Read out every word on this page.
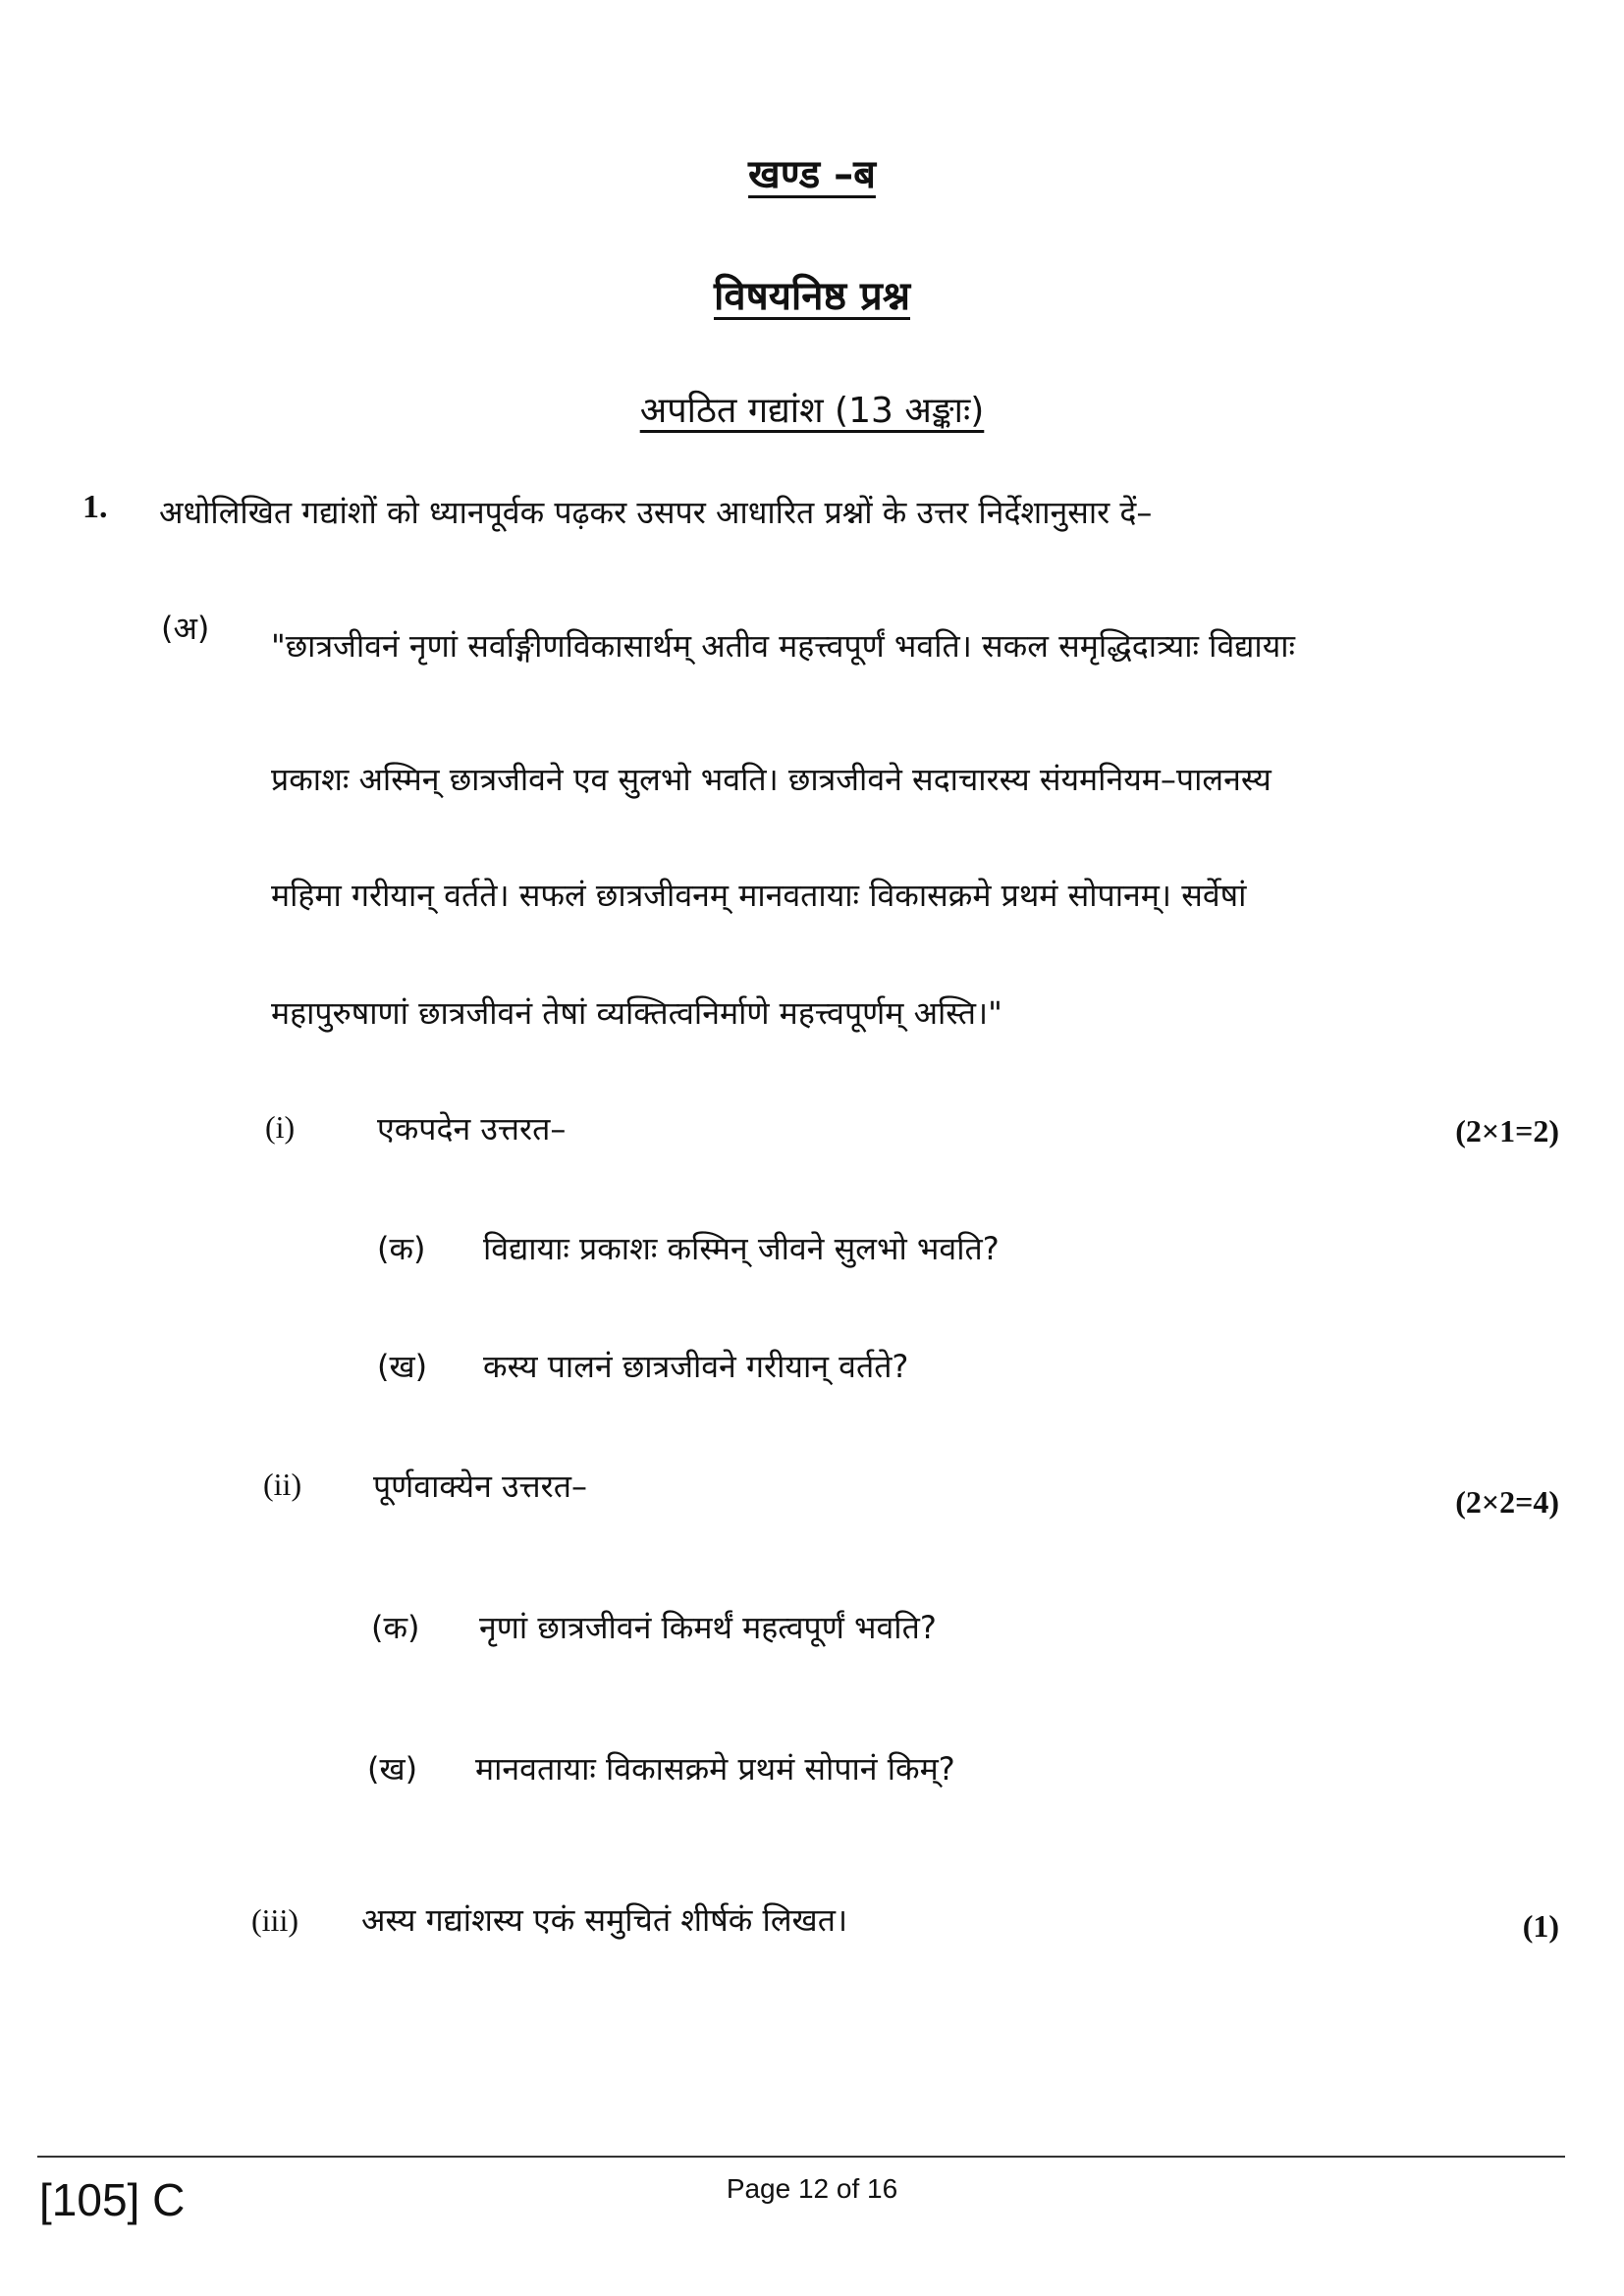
खण्ड –ब
विषयनिष्ठ प्रश्न
अपठित गद्यांश (13 अङ्काः)
1. अधोलिखित गद्यांशों को ध्यानपूर्वक पढ़कर उसपर आधारित प्रश्नों के उत्तर निर्देशानुसार दें–
(अ) "छात्रजीवनं नृणां सर्वाङ्गीणविकासार्थम् अतीव महत्त्वपूर्णं भवति। सकल समृद्धिदात्र्याः विद्यायाः
प्रकाशः अस्मिन् छात्रजीवने एव सुलभो भवति। छात्रजीवने सदाचारस्य संयमनियम–पालनस्य
महिमा गरीयान् वर्तते। सफलं छात्रजीवनम् मानवतायाः विकासक्रमे प्रथमं सोपानम्। सर्वेषां
महापुरुषाणां छात्रजीवनं तेषां व्यक्तित्वनिर्माणे महत्त्वपूर्णम् अस्ति।"
(i)	एकपदेन उत्तरत–	(2×1=2)
(क) विद्यायाः प्रकाशः कस्मिन् जीवने सुलभो भवति?
(ख) कस्य पालनं छात्रजीवने गरीयान् वर्तते?
(ii) पूर्णवाक्येन उत्तरत–	(2×2=4)
(क) नृणां छात्रजीवनं किमर्थं महत्वपूर्णं भवति?
(ख) मानवतायाः विकासक्रमे प्रथमं सोपानं किम्?
(iii) अस्य गद्यांशस्य एकं समुचितं शीर्षकं लिखत।	(1)
[105] C	Page 12 of 16
